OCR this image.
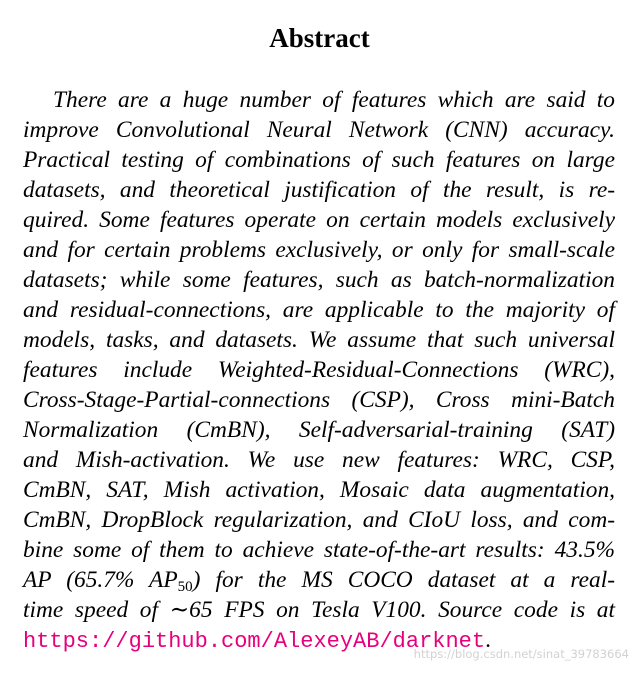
Abstract
There are a huge number of features which are said to
improve Convolutional Neural Network (CNN) accuracy.
Practical testing of combinations of such features on large
datasets, and theoretical justification of the result, is re-
quired. Some features operate on certain models exclusively
and for certain problems exclusively, or only for small-scale
datasets; while some features, such as batch-normalization
and residual-connections, are applicable to the majority of
models, tasks, and datasets. We assume that such universal
features include Weighted-Residual-Connections (WRC),
Cross-Stage-Partial-connections (CSP), Cross mini-Batch
Normalization (CmBN), Self-adversarial-training (SAT)
and Mish-activation. We use new features: WRC, CSP,
CmBN, SAT, Mish activation, Mosaic data augmentation,
CmBN, DropBlock regularization, and CIoU loss, and com-
bine some of them to achieve state-of-the-art results: 43.5%
AP (65.7% $AP_{50}$) for the MS COCO dataset at a real-
time speed of ∼65 FPS on Tesla V100. Source code is at
https://github.com/AlexeyAB/darknet.
https://blog.csdn.net/sinat_39783664
